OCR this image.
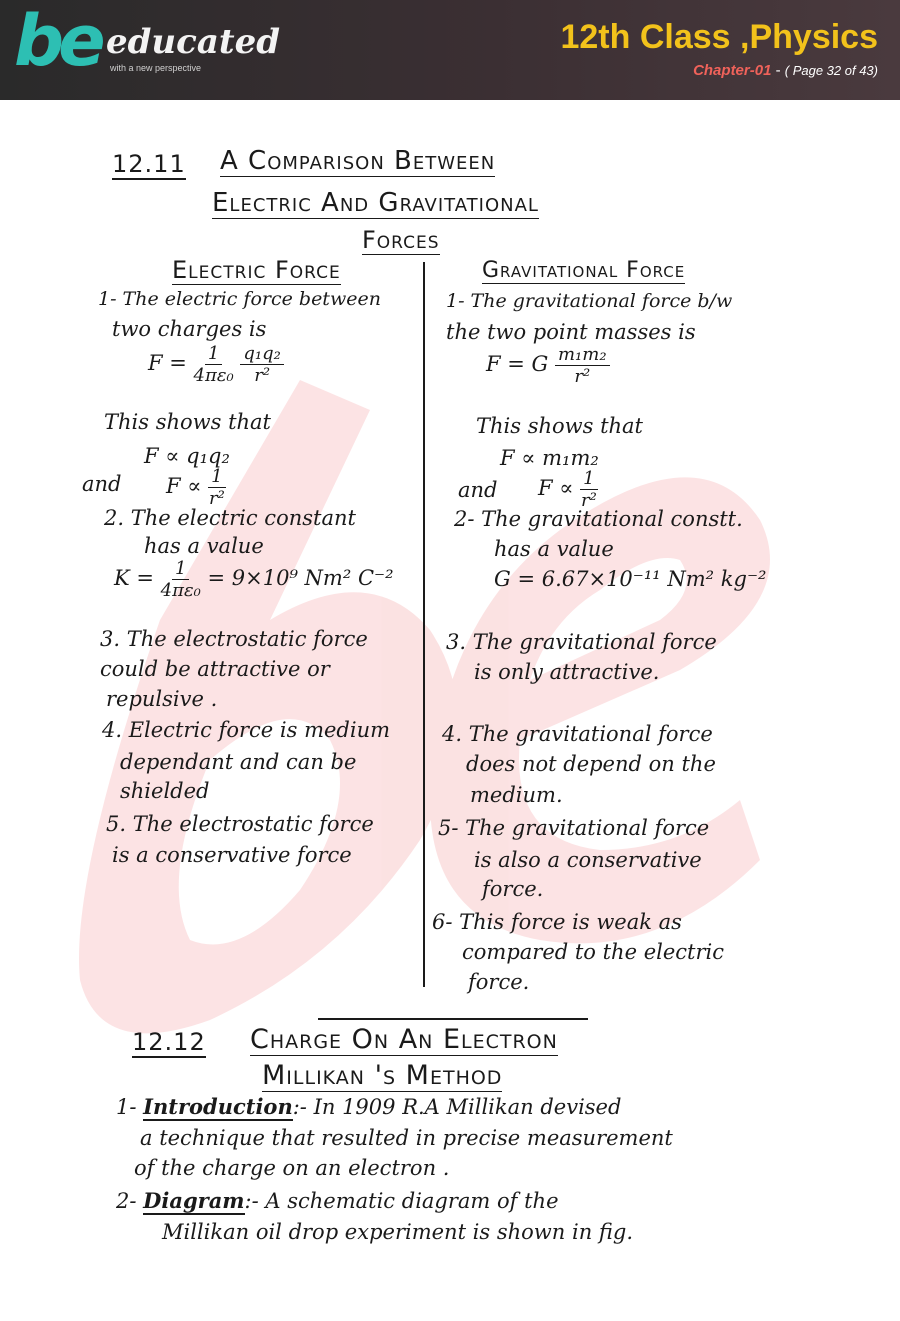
be educated
with a new perspective
12th Class ,Physics
Chapter-01 - ( Page 32 of 43)
12.11 A Comparison Between
Electric And Gravitational
Forces
Electric Force	Gravitational Force
1- The electric force between
two charges is
$F = \frac{1}{\text{4πε₀}}$
$\frac{\text{q₁q₂}}{\text{r²}}$
This shows that
F ∝ q₁q₂
and $F \propto \frac{1}{\text{r²}}$
2. The electric constant
has a value
$K = \frac{1}{\text{4πε₀}} = 9\times 10^9$ Nm² C⁻²
3. The electrostatic force
could be attractive or
repulsive .
4. Electric force is medium
dependant and can be
shielded
5. The electrostatic force
is a conservative force
1- The gravitational force b/w
the two point masses is
F = G $\frac{\text{m₁m₂}}{\text{r²}}$
This shows that
F ∝ m₁m₂
and $F \propto \frac{1}{\text{r²}}$
2- The gravitational constt.
has a value
G = 6.67×10⁻¹¹ Nm² kg⁻²
3. The gravitational force
is only attractive.
4. The gravitational force
does not depend on the
medium.
5- The gravitational force
is also a conservative
force.
6- This force is weak as
compared to the electric
force.
12.12 Charge On An Electron
Millikan 's Method
1- Introduction:- In 1909 R.A Millikan devised
a technique that resulted in precise measurement
of the charge on an electron .
2- Diagram:- A schematic diagram of the
Millikan oil drop experiment is shown in fig.
